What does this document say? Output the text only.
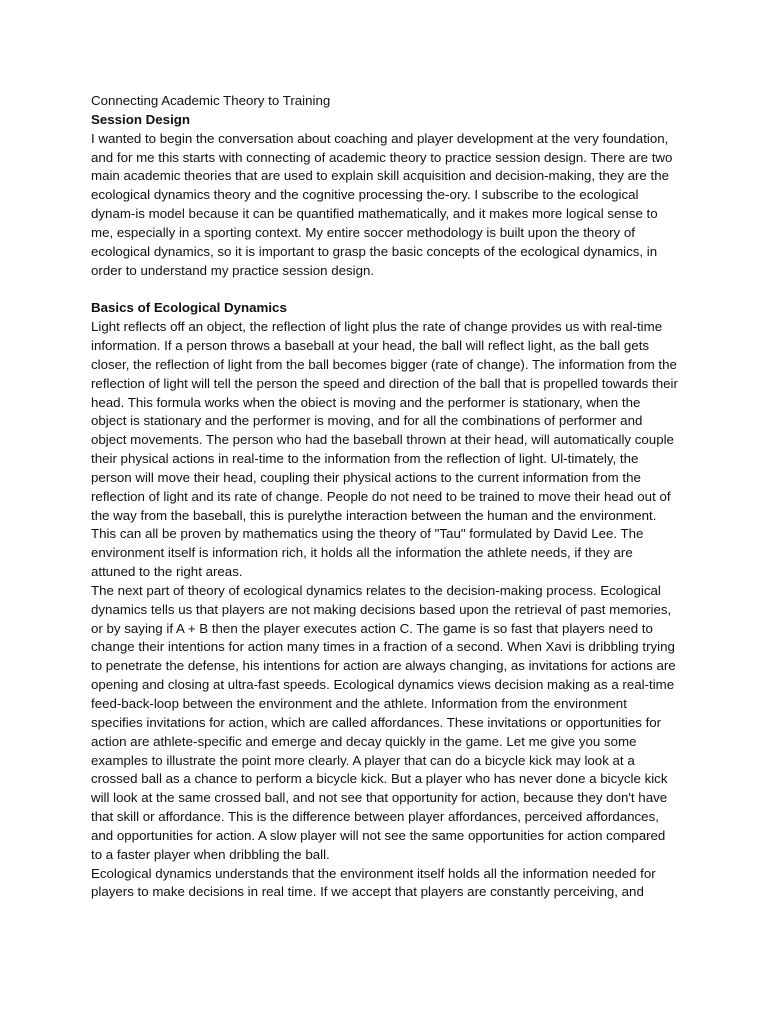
Connecting Academic Theory to Training

Session Design

I wanted to begin the conversation about coaching and player development at the very foundation, and for me this starts with connecting of academic theory to practice session design. There are two main academic theories that are used to explain skill acquisition and decision-making, they are the ecological dynamics theory and the cognitive processing the-ory. I subscribe to the ecological dynam-is model because it can be quantified mathematically, and it makes more logical sense to me, especially in a sporting context. My entire soccer methodology is built upon the theory of ecological dynamics, so it is important to grasp the basic concepts of the ecological dynamics, in order to understand my practice session design.

Basics of Ecological Dynamics

Light reflects off an object, the reflection of light plus the rate of change provides us with real-time information. If a person throws a baseball at your head, the ball will reflect light, as the ball gets closer, the reflection of light from the ball becomes bigger (rate of change). The information from the reflection of light will tell the person the speed and direction of the ball that is propelled towards their head. This formula works when the obiect is moving and the performer is stationary, when the object is stationary and the performer is moving, and for all the combinations of performer and object movements. The person who had the baseball thrown at their head, will automatically couple their physical actions in real-time to the information from the reflection of light. Ul-timately, the person will move their head, coupling their physical actions to the current information from the reflection of light and its rate of change. People do not need to be trained to move their head out of the way from the baseball, this is purelythe interaction between the human and the environment. This can all be proven by mathematics using the theory of "Tau" formulated by David Lee. The environment itself is information rich, it holds all the information the athlete needs, if they are attuned to the right areas.

The next part of theory of ecological dynamics relates to the decision-making process. Ecological dynamics tells us that players are not making decisions based upon the retrieval of past memories, or by saying if A + B then the player executes action C. The game is so fast that players need to change their intentions for action many times in a fraction of a second. When Xavi is dribbling trying to penetrate the defense, his intentions for action are always changing, as invitations for actions are opening and closing at ultra-fast speeds. Ecological dynamics views decision making as a real-time feed-back-loop between the environment and the athlete. Information from the environment specifies invitations for action, which are called affordances. These invitations or opportunities for action are athlete-specific and emerge and decay quickly in the game. Let me give you some examples to illustrate the point more clearly. A player that can do a bicycle kick may look at a crossed ball as a chance to perform a bicycle kick. But a player who has never done a bicycle kick will look at the same crossed ball, and not see that opportunity for action, because they don't have that skill or affordance. This is the difference between player affordances, perceived affordances, and opportunities for action. A slow player will not see the same opportunities for action compared to a faster player when dribbling the ball.

Ecological dynamics understands that the environment itself holds all the information needed for players to make decisions in real time. If we accept that players are constantly perceiving, and
